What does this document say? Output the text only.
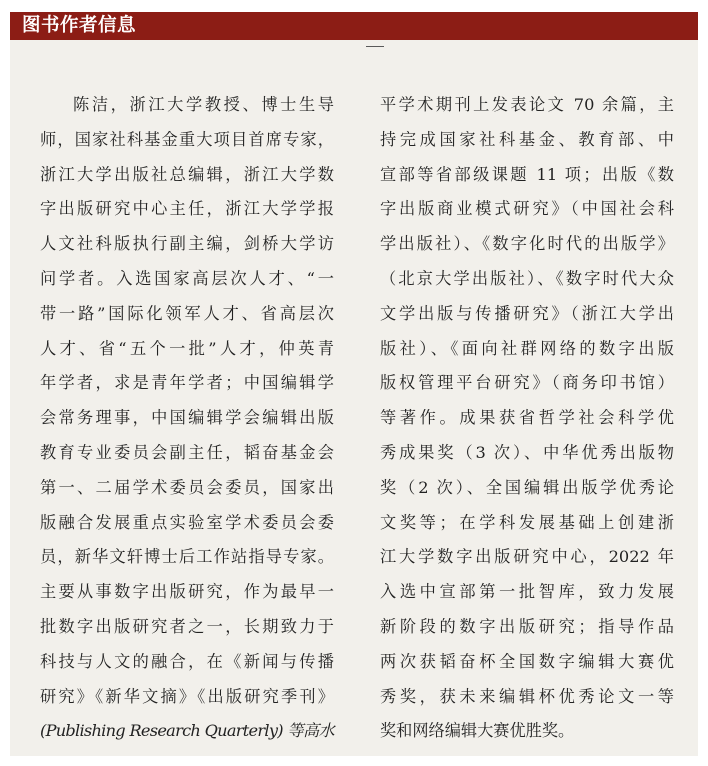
图书作者信息
陈洁，浙江大学教授、博士生导
师，国家社科基金重大项目首席专家，
浙江大学出版社总编辑，浙江大学数
字出版研究中心主任，浙江大学学报
人文社科版执行副主编，剑桥大学访
问学者。入选国家高层次人才、“一
带一路”国际化领军人才、省高层次
人才、省“五个一批”人才，仲英青
年学者，求是青年学者；中国编辑学
会常务理事，中国编辑学会编辑出版
教育专业委员会副主任，韬奋基金会
第一、二届学术委员会委员，国家出
版融合发展重点实验室学术委员会委
员，新华文轩博士后工作站指导专家。
主要从事数字出版研究，作为最早一
批数字出版研究者之一，长期致力于
科技与人文的融合，在《新闻与传播
研究》《新华文摘》《出版研究季刊》
(Publishing Research Quarterly) 等高水
平学术期刊上发表论文 70 余篇，主
持完成国家社科基金、教育部、中
宣部等省部级课题 11 项；出版《数
字出版商业模式研究》（中国社会科
学出版社）、《数字化时代的出版学》
（北京大学出版社）、《数字时代大众
文学出版与传播研究》（浙江大学出
版社）、《面向社群网络的数字出版
版权管理平台研究》（商务印书馆）
等著作。成果获省哲学社会科学优
秀成果奖（3 次）、中华优秀出版物
奖（2 次）、全国编辑出版学优秀论
文奖等；在学科发展基础上创建浙
江大学数字出版研究中心，2022 年
入选中宣部第一批智库，致力发展
新阶段的数字出版研究；指导作品
两次获韬奋杯全国数字编辑大赛优
秀奖，获未来编辑杯优秀论文一等
奖和网络编辑大赛优胜奖。
